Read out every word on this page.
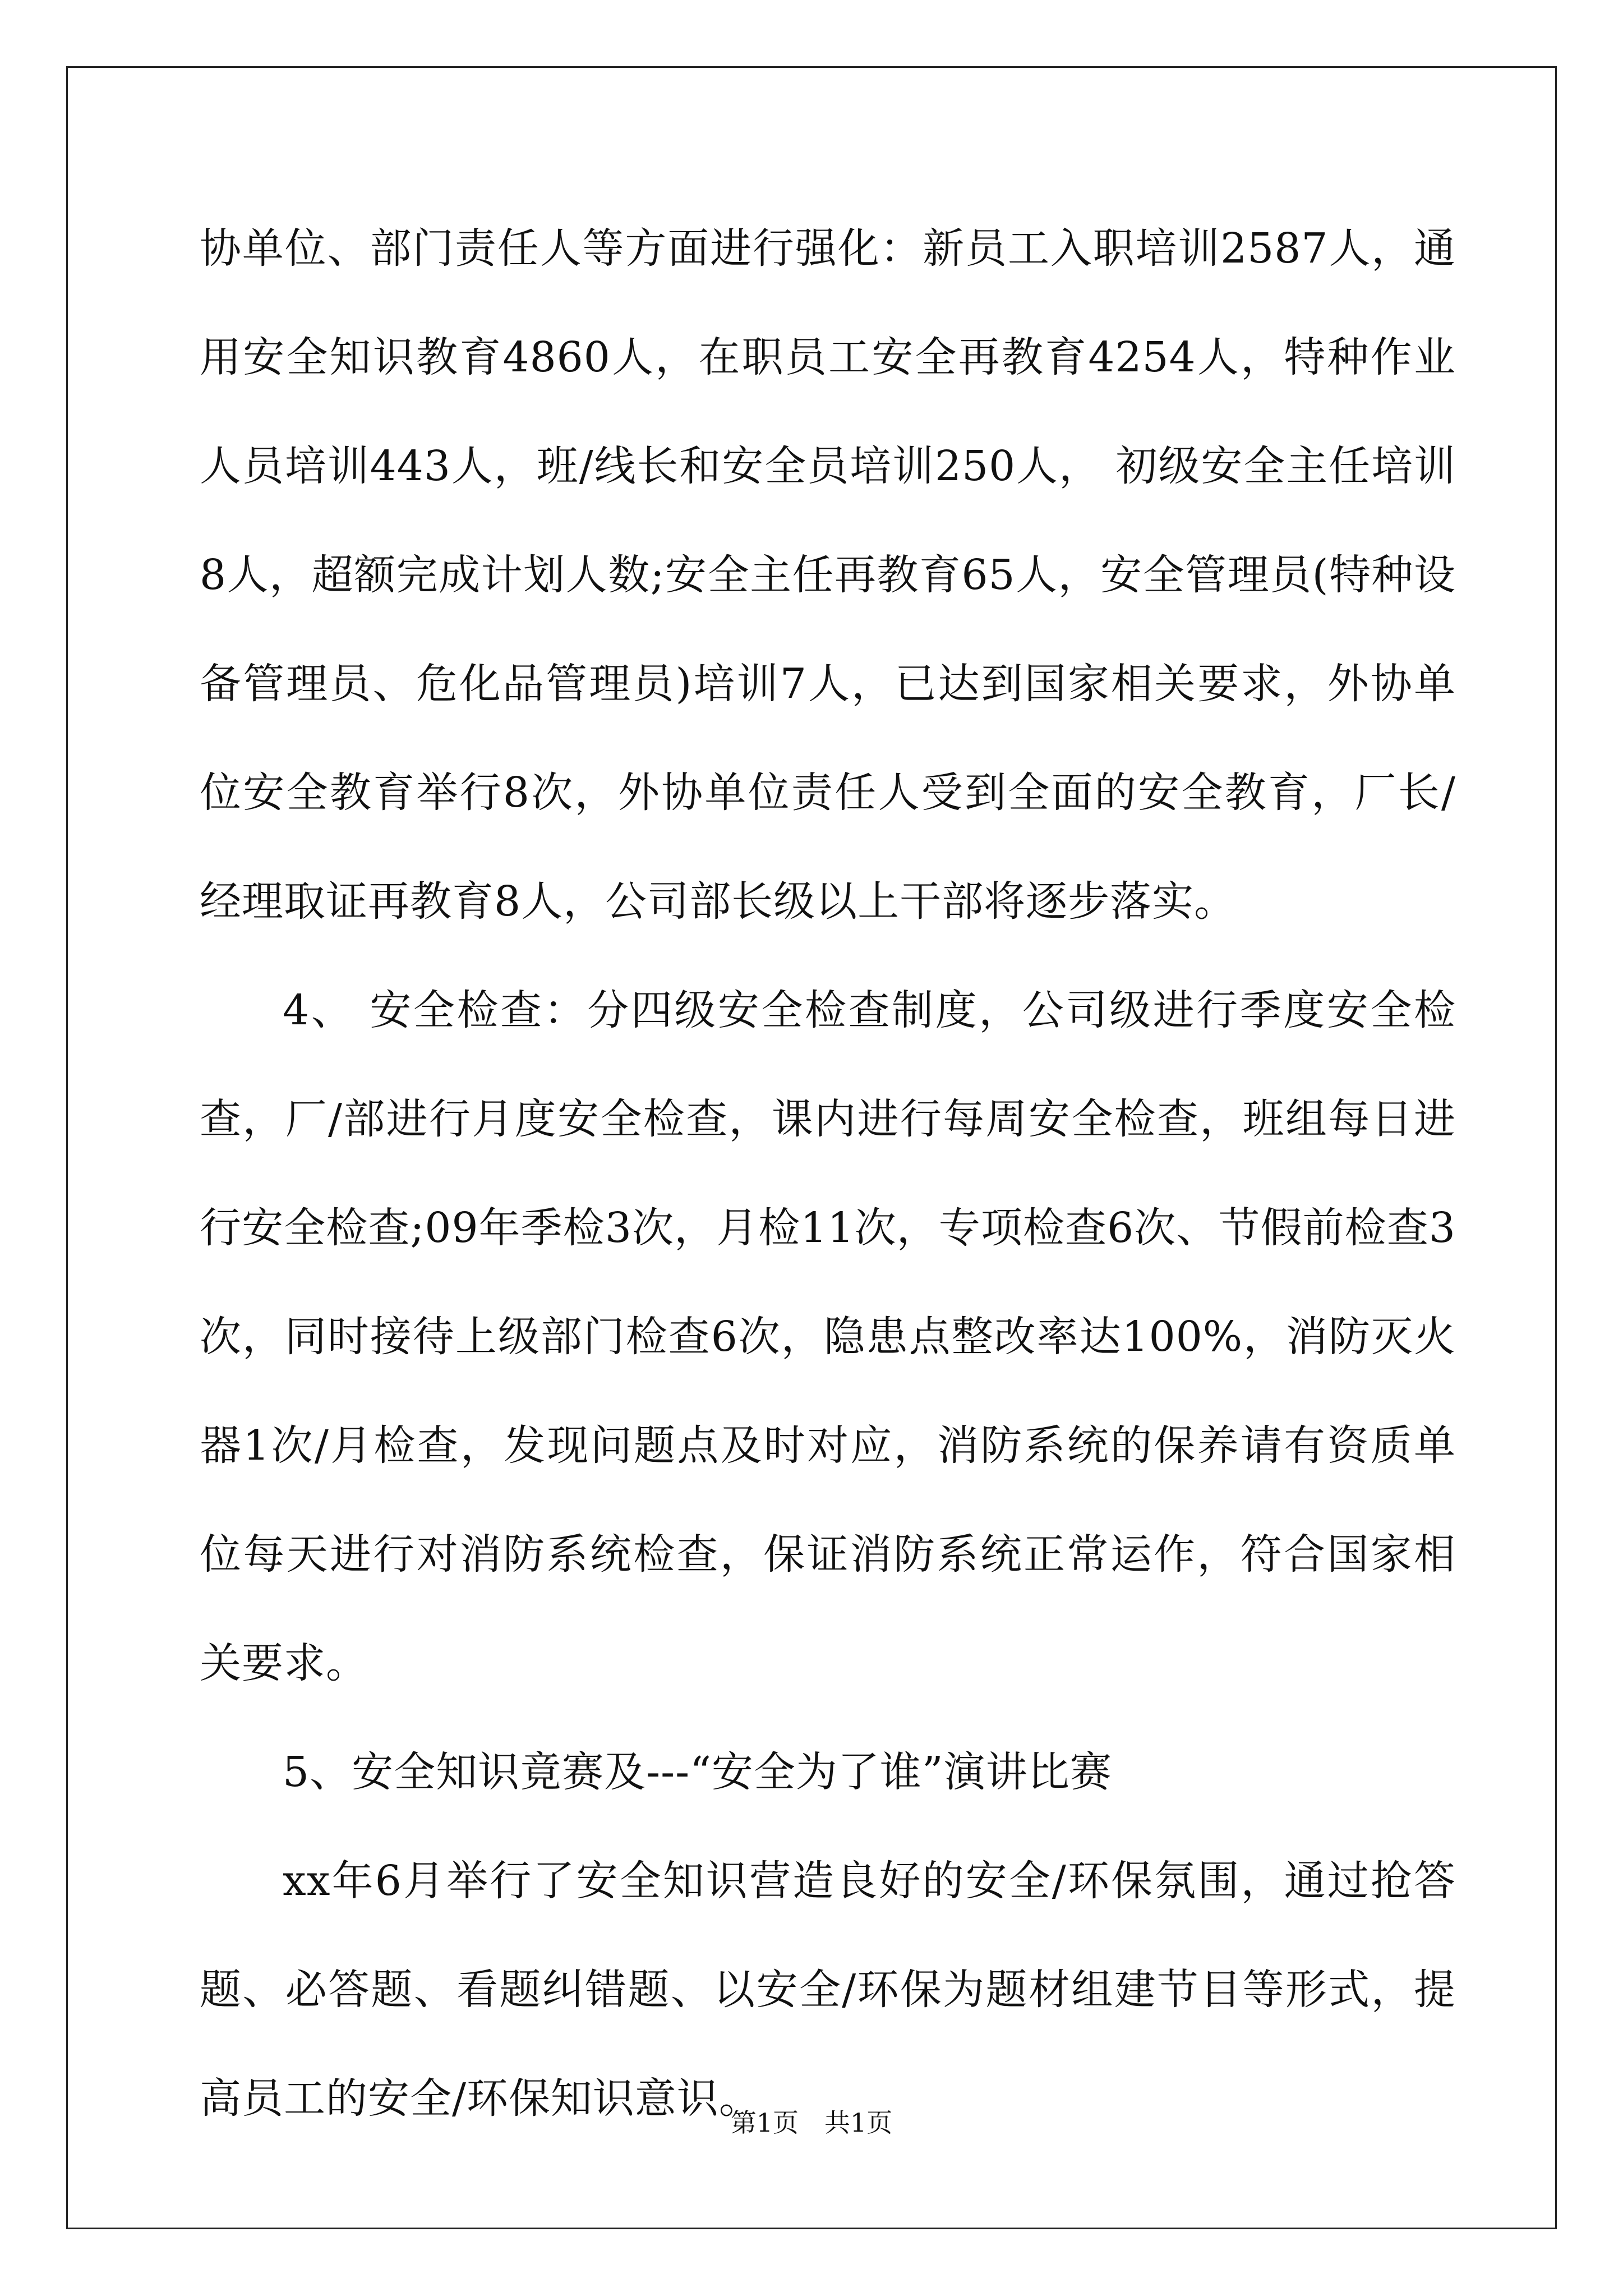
协单位、部门责任人等方面进行强化：新员工入职培训2587人，通用安全知识教育4860人，在职员工安全再教育4254人，特种作业人员培训443人，班/线长和安全员培训250人， 初级安全主任培训8人，超额完成计划人数;安全主任再教育65人，安全管理员(特种设备管理员、危化品管理员)培训7人，已达到国家相关要求，外协单位安全教育举行8次，外协单位责任人受到全面的安全教育，厂长/经理取证再教育8人，公司部长级以上干部将逐步落实。

4、 安全检查：分四级安全检查制度，公司级进行季度安全检查，厂/部进行月度安全检查，课内进行每周安全检查，班组每日进行安全检查;09年季检3次，月检11次，专项检查6次、节假前检查3次，同时接待上级部门检查6次，隐患点整改率达100%，消防灭火器1次/月检查，发现问题点及时对应，消防系统的保养请有资质单位每天进行对消防系统检查，保证消防系统正常运作，符合国家相关要求。

5、安全知识竟赛及---“安全为了谁”演讲比赛

xx年6月举行了安全知识营造良好的安全/环保氛围，通过抢答题、必答题、看题纠错题、以安全/环保为题材组建节目等形式，提高员工的安全/环保知识意识。

第1页　共1页
